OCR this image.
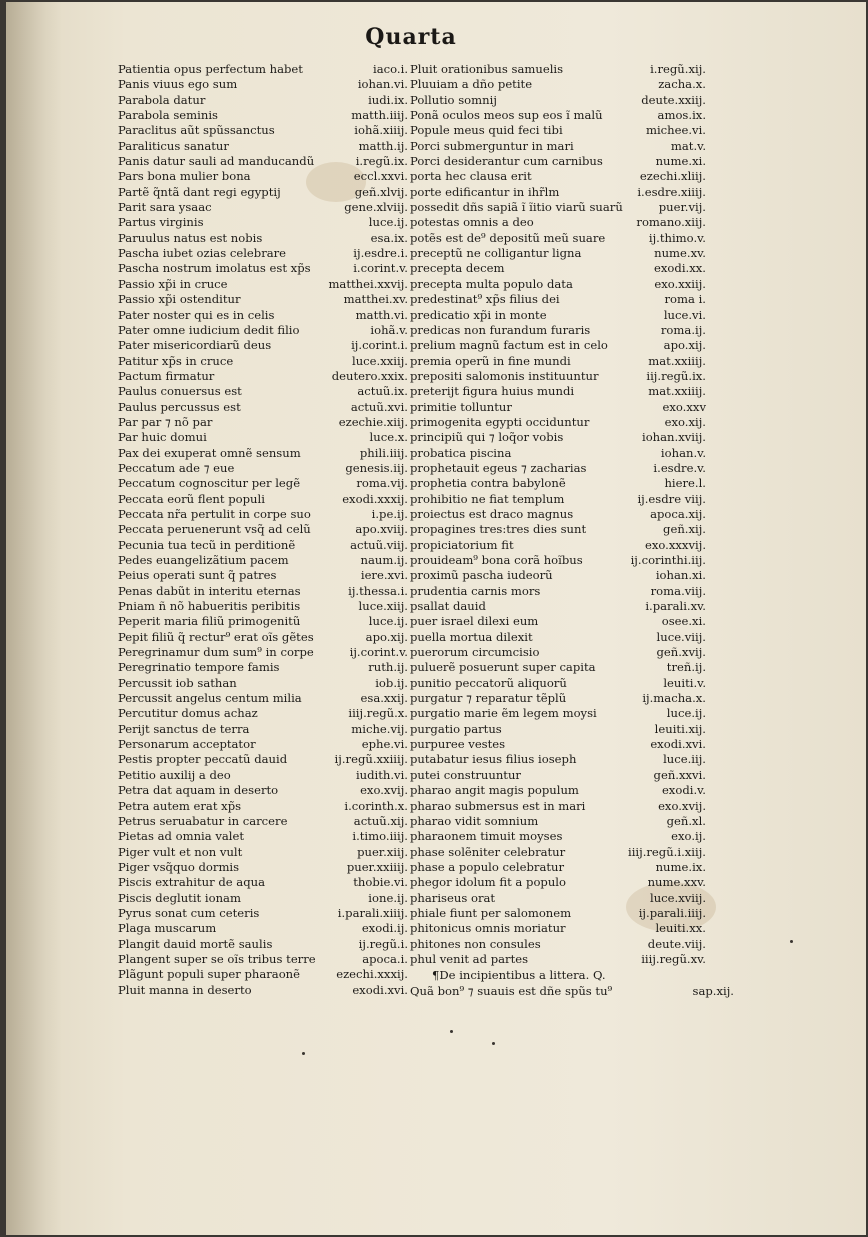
Quarta
Patientia opus perfectum habet	iaco.i.
Panis viuus ego sum	iohan.vi.
Parabola datur	iudi.ix.
Parabola seminis	matth.iiij.
Paraclitus aũt spũssanctus	iohã.xiiij.
Paraliticus sanatur	matth.ij.
Panis datur sauli ad manducandũ	i.regũ.ix.
Pars bona mulier bona	eccl.xxvi.
Partẽ q̃ntã dant regi egyptij	geñ.xlvij.
Parit sara ysaac	gene.xlviij.
Partus virginis	luce.ij.
Paruulus natus est nobis	esa.ix.
Pascha iubet ozias celebrare	ij.esdre.i.
Pascha nostrum imolatus est xp̃s	i.corint.v.
Passio xp̃i in cruce	matthei.xxvij.
Passio xp̃i ostenditur	matthei.xv.
Pater noster qui es in celis	matth.vi.
Pater omne iudicium dedit filio	iohã.v.
Pater misericordiarũ deus	ij.corint.i.
Patitur xp̃s in cruce	luce.xxiij.
Pactum firmatur	deutero.xxix.
Paulus conuersus est	actuũ.ix.
Paulus percussus est	actuũ.xvi.
Par par ⁊ nõ par	ezechie.xiij.
Par huic domui	luce.x.
Pax dei exuperat omnẽ sensum	phili.iiij.
Peccatum ade ⁊ eue	genesis.iij.
Peccatum cognoscitur per legẽ	roma.vij.
Peccata eorũ flent populi	exodi.xxxij.
Peccata nr̃a pertulit in corpe suo	i.pe.ij.
Peccata peruenerunt vsq̃ ad celũ	apo.xviij.
Pecunia tua tecũ in perditionẽ	actuũ.viij.
Pedes euangelizãtium pacem	naum.ij.
Peius operati sunt q̃ patres	iere.xvi.
Penas dabũt in interitu eternas	ij.thessa.i.
Pniam ñ nõ habueritis peribitis	luce.xiij.
Peperit maria filiũ primogenitũ	luce.ij.
Pepit filiũ q̃ rectur⁹ erat oĩs gẽtes	apo.xij.
Peregrinamur dum sum⁹ in corpe	ij.corint.v.
Peregrinatio tempore famis	ruth.ij.
Percussit iob sathan	iob.ij.
Percussit angelus centum milia	esa.xxij.
Percutitur domus achaz	iiij.regũ.x.
Perijt sanctus de terra	miche.vij.
Personarum acceptator	ephe.vi.
Pestis propter peccatũ dauid	ij.regũ.xxiiij.
Petitio auxilij a deo	iudith.vi.
Petra dat aquam in deserto	exo.xvij.
Petra autem erat xp̃s	i.corinth.x.
Petrus seruabatur in carcere	actuũ.xij.
Pietas ad omnia valet	i.timo.iiij.
Piger vult et non vult	puer.xiij.
Piger vsq̃quo dormis	puer.xxiiij.
Piscis extrahitur de aqua	thobie.vi.
Piscis deglutit ionam	ione.ij.
Pyrus sonat cum ceteris	i.parali.xiiij.
Plaga muscarum	exodi.ij.
Plangit dauid mortẽ saulis	ij.regũ.i.
Plangent super se oĩs tribus terre	apoca.i.
Plãgunt populi super pharaonẽ	ezechi.xxxij.
Pluit manna in deserto	exodi.xvi.
Pluit orationibus samuelis	i.regũ.xij.
Pluuiam a dño petite	zacha.x.
Pollutio somnij	deute.xxiij.
Ponã oculos meos sup eos ĩ malũ	amos.ix.
Popule meus quid feci tibi	michee.vi.
Porci submerguntur in mari	mat.v.
Porci desiderantur cum carnibus	nume.xi.
porta hec clausa erit	ezechi.xliij.
porte edificantur in ihr̃lm	i.esdre.xiiij.
possedit dñs sapiã ĩ ĩitio viarũ suarũ	puer.vij.
potestas omnis a deo	romano.xiij.
potẽs est de⁹ depositũ meũ suare	ij.thimo.v.
preceptũ ne colligantur ligna	nume.xv.
precepta decem	exodi.xx.
precepta multa populo data	exo.xxiij.
predestinat⁹ xp̃s filius dei	roma i.
predicatio xp̃i in monte	luce.vi.
predicas non furandum furaris	roma.ij.
prelium magnũ factum est in celo	apo.xij.
premia operũ in fine mundi	mat.xxiiij.
prepositi salomonis instituuntur	iij.regũ.ix.
preterijt figura huius mundi	mat.xxiiij.
primitie tolluntur	exo.xxv
primogenita egypti occiduntur	exo.xij.
principiũ qui ⁊ loq̃or vobis	iohan.xviij.
probatica piscina	iohan.v.
prophetauit egeus ⁊ zacharias	i.esdre.v.
prophetia contra babylonẽ	hiere.l.
prohibitio ne fiat templum	ij.esdre viij.
proiectus est draco magnus	apoca.xij.
propagines tres:tres dies sunt	geñ.xij.
propiciatorium fit	exo.xxxvij.
prouideam⁹ bona corã hoĩbus	ij.corinthi.iij.
proximũ pascha iudeorũ	iohan.xi.
prudentia carnis mors	roma.viij.
psallat dauid	i.parali.xv.
puer israel dilexi eum	osee.xi.
puella mortua dilexit	luce.viij.
puerorum circumcisio	geñ.xvij.
puluerẽ posuerunt super capita	treñ.ij.
punitio peccatorũ aliquorũ	leuiti.v.
purgatur ⁊ reparatur tẽplũ	ij.macha.x.
purgatio marie ẽm legem moysi	luce.ij.
purgatio partus	leuiti.xij.
purpuree vestes	exodi.xvi.
putabatur iesus filius ioseph	luce.iij.
putei construuntur	geñ.xxvi.
pharao angit magis populum	exodi.v.
pharao submersus est in mari	exo.xvij.
pharao vidit somnium	geñ.xl.
pharaonem timuit moyses	exo.ij.
phase solẽniter celebratur	iiij.regũ.i.xiij.
phase a populo celebratur	nume.ix.
phegor idolum fit a populo	nume.xxv.
phariseus orat	luce.xviij.
phiale fiunt per salomonem	ij.parali.iiij.
phitonicus omnis moriatur	leuiti.xx.
phitones non consules	deute.viij.
phul venit ad partes	iiij.regũ.xv.
¶De incipientibus a littera. Q.
Quã bon⁹ ⁊ suauis est dñe spũs tu⁹	sap.xij.
